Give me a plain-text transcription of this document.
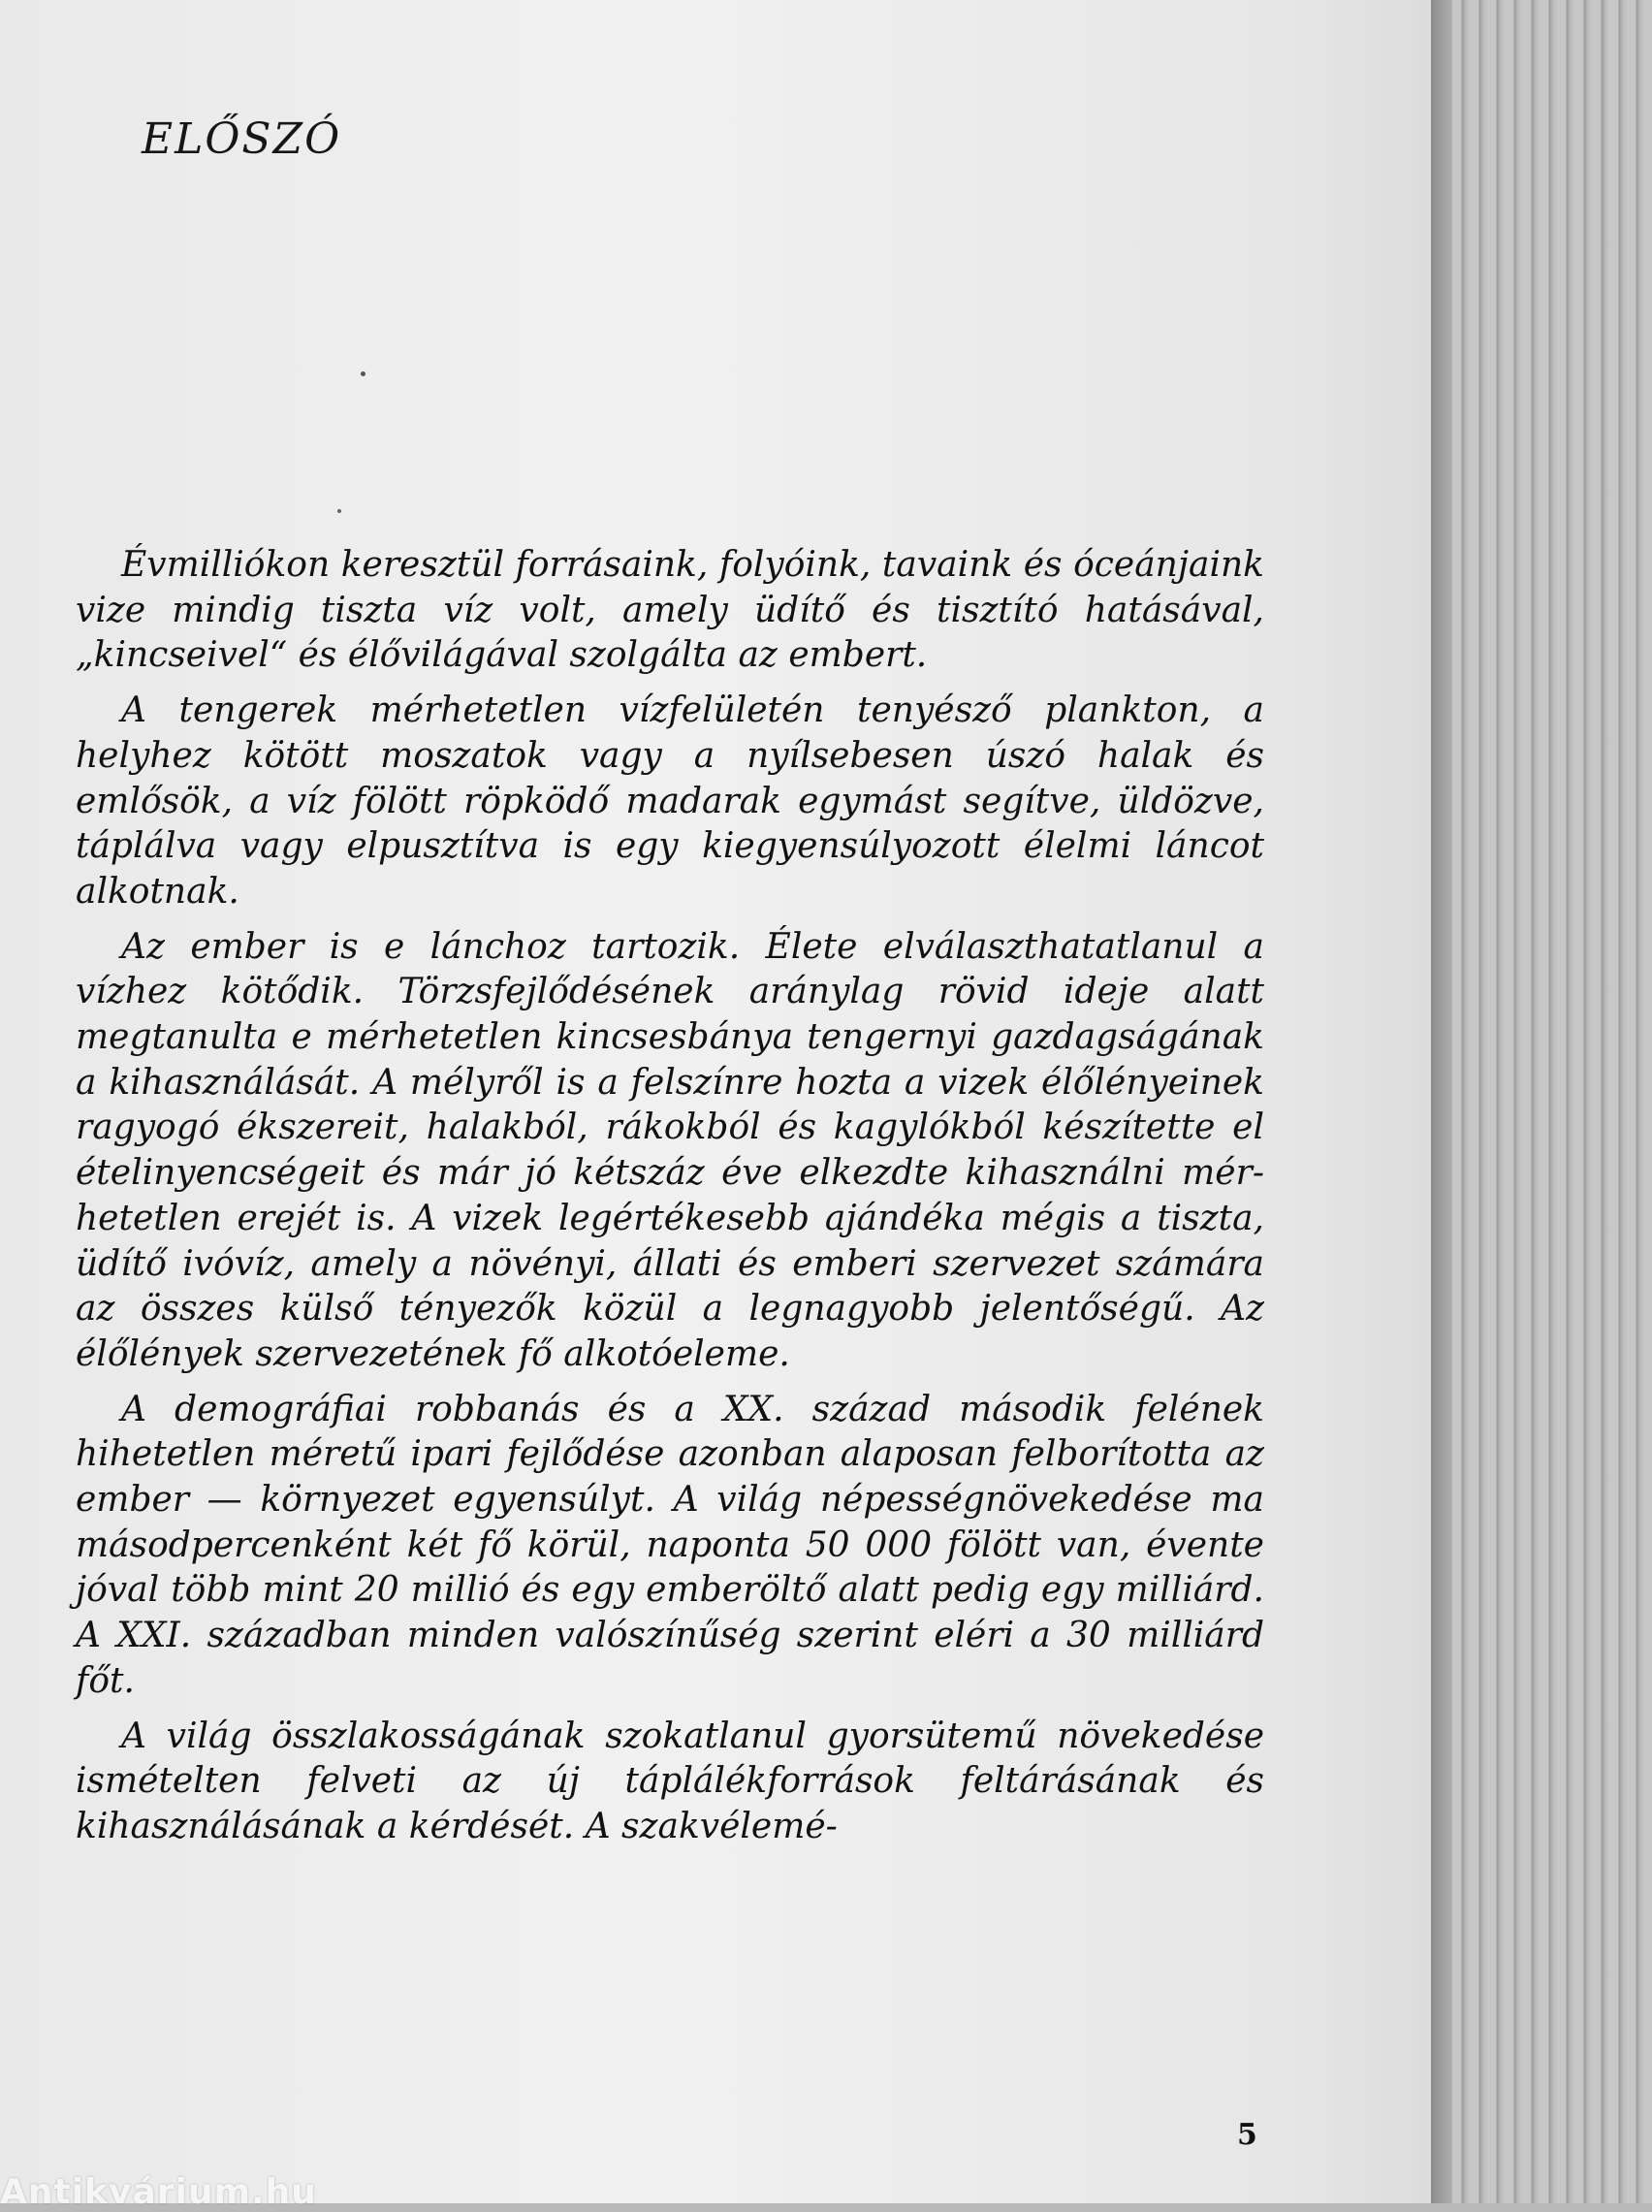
ELŐSZÓ

Évmilliókon keresztül forrásaink, folyóink, tavaink és óceánjaink vize mindig tiszta víz volt, amely üdítő és tisztító hatásával, „kincseivel“ és élővilágával szolgálta az embert.

A tengerek mérhetetlen vízfelületén tenyésző plankton, a helyhez kötött moszatok vagy a nyílsebesen úszó halak és emlősök, a víz fölött röpködő madarak egymást segítve, üldözve, táplálva vagy elpusztítva is egy kiegyensúlyozott élelmi láncot alkotnak.

Az ember is e lánchoz tartozik. Élete elválaszthatatlanul a vízhez kötődik. Törzsfejlődésének aránylag rövid ideje alatt megtanulta e mérhetetlen kincsesbánya tengernyi gazdagságának a kihasználását. A mélyről is a felszínre hozta a vizek élőlényeinek ragyogó ékszereit, halakból, rákokból és kagylókból készítette el ételinyencségeit és már jó kétszáz éve elkezdte kihasználni mérhetetlen erejét is. A vizek legértékesebb ajándéka mégis a tiszta, üdítő ivóvíz, amely a növényi, állati és emberi szervezet számára az összes külső tényezők közül a legnagyobb jelentőségű. Az élőlények szervezetének fő alkotóeleme.

A demográfiai robbanás és a XX. század második felének hihetetlen méretű ipari fejlődése azonban alaposan felborította az ember — környezet egyensúlyt. A világ népességnövekedése ma másodpercenként két fő körül, naponta 50 000 fölött van, évente jóval több mint 20 millió és egy emberöltő alatt pedig egy milliárd. A XXI. században minden valószínűség szerint eléri a 30 milliárd főt.

A világ összlakosságának szokatlanul gyorsütemű növekedése ismételten felveti az új táplálékforrások feltárásának és kihasználásának a kérdését. A szakvélemé-

5
Antikvárium.hu
